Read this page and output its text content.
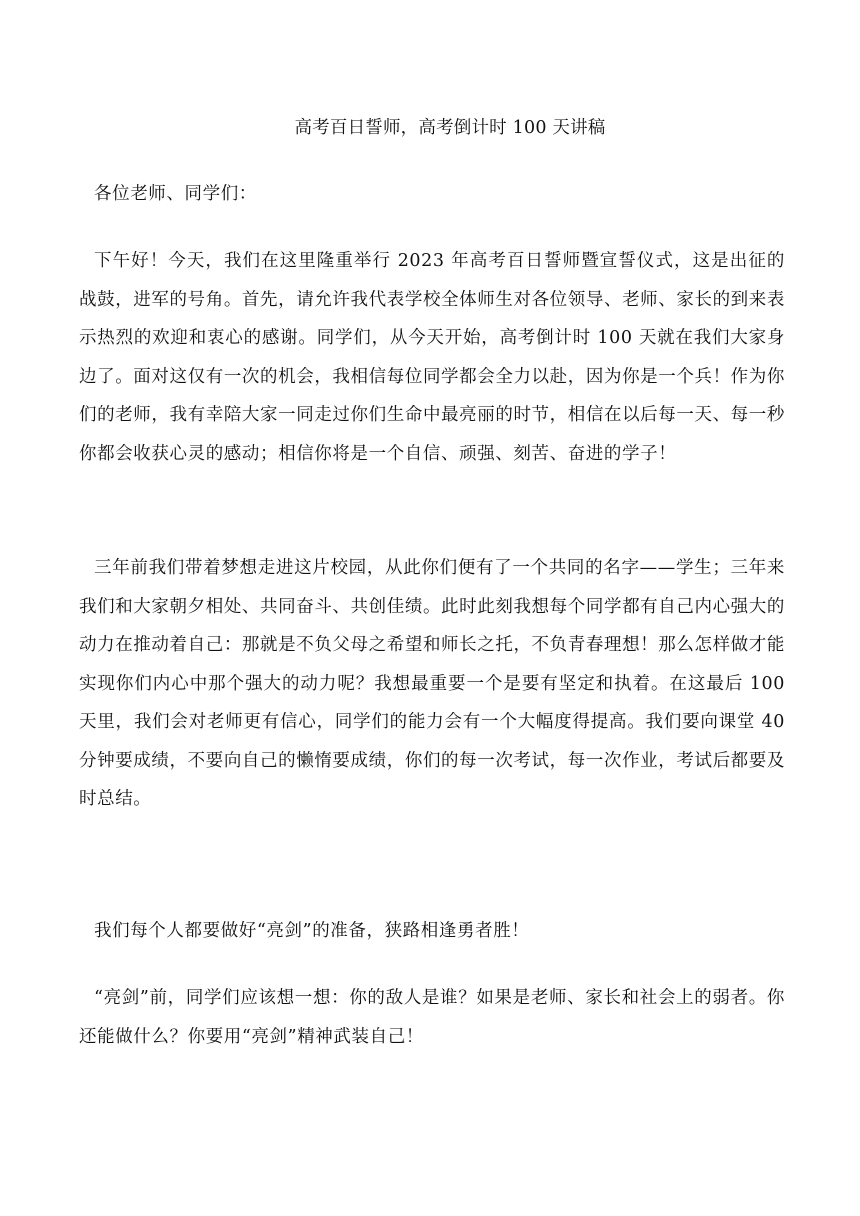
高考百日誓师，高考倒计时 100 天讲稿

各位老师、同学们：

下午好！今天，我们在这里隆重举行 2023 年高考百日誓师暨宣誓仪式，这是出征的战鼓，进军的号角。首先，请允许我代表学校全体师生对各位领导、老师、家长的到来表示热烈的欢迎和衷心的感谢。同学们，从今天开始，高考倒计时 100 天就在我们大家身边了。面对这仅有一次的机会，我相信每位同学都会全力以赴，因为你是一个兵！作为你们的老师，我有幸陪大家一同走过你们生命中最亮丽的时节，相信在以后每一天、每一秒你都会收获心灵的感动；相信你将是一个自信、顽强、刻苦、奋进的学子！

三年前我们带着梦想走进这片校园，从此你们便有了一个共同的名字——学生；三年来我们和大家朝夕相处、共同奋斗、共创佳绩。此时此刻我想每个同学都有自己内心强大的动力在推动着自己：那就是不负父母之希望和师长之托，不负青春理想！那么怎样做才能实现你们内心中那个强大的动力呢？我想最重要一个是要有坚定和执着。在这最后 100 天里，我们会对老师更有信心，同学们的能力会有一个大幅度得提高。我们要向课堂 40 分钟要成绩，不要向自己的懒惰要成绩，你们的每一次考试，每一次作业，考试后都要及时总结。

我们每个人都要做好“亮剑”的准备，狭路相逢勇者胜！

“亮剑”前，同学们应该想一想：你的敌人是谁？如果是老师、家长和社会上的弱者。你还能做什么？你要用“亮剑”精神武装自己！
